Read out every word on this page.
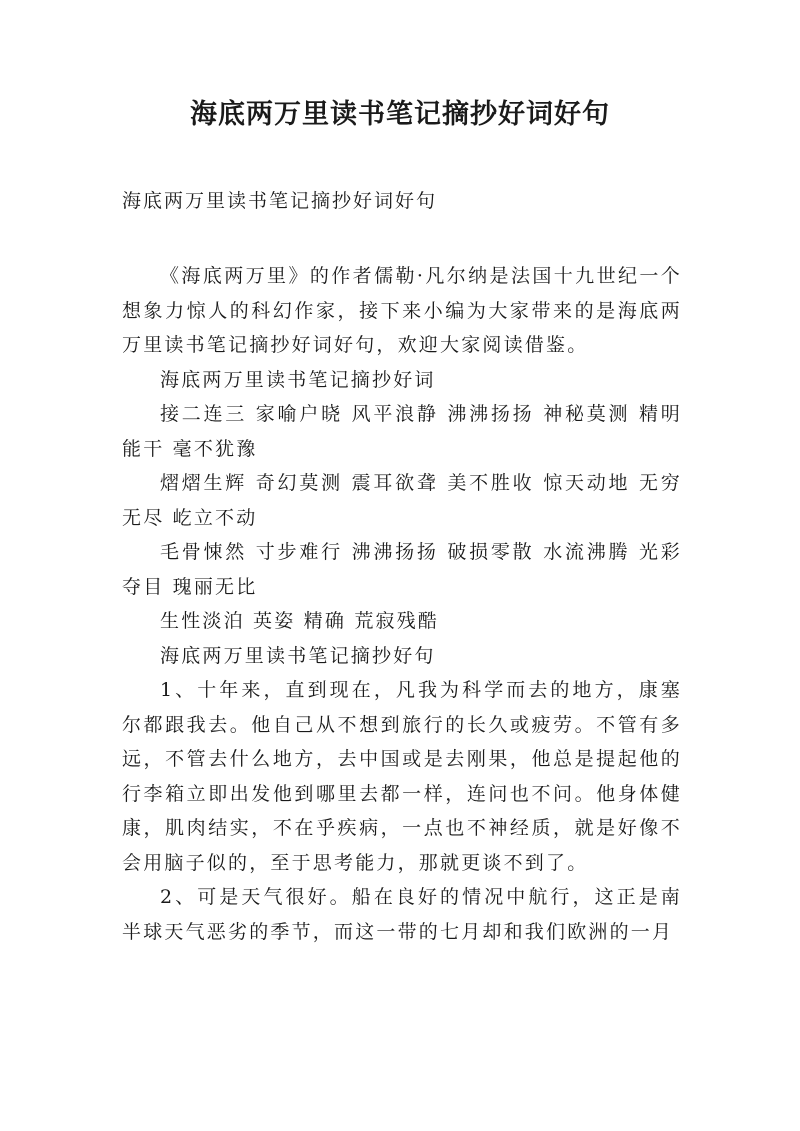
海底两万里读书笔记摘抄好词好句

海底两万里读书笔记摘抄好词好句

《海底两万里》的作者儒勒·凡尔纳是法国十九世纪一个想象力惊人的科幻作家，接下来小编为大家带来的是海底两万里读书笔记摘抄好词好句，欢迎大家阅读借鉴。

海底两万里读书笔记摘抄好词

接二连三 家喻户晓 风平浪静 沸沸扬扬 神秘莫测 精明能干 毫不犹豫

熠熠生辉 奇幻莫测 震耳欲聋 美不胜收 惊天动地 无穷无尽 屹立不动

毛骨悚然 寸步难行 沸沸扬扬 破损零散 水流沸腾 光彩夺目 瑰丽无比

生性淡泊 英姿 精确 荒寂残酷

海底两万里读书笔记摘抄好句

1、十年来，直到现在，凡我为科学而去的地方，康塞尔都跟我去。他自己从不想到旅行的长久或疲劳。不管有多远，不管去什么地方，去中国或是去刚果，他总是提起他的行李箱立即出发他到哪里去都一样，连问也不问。他身体健康，肌肉结实，不在乎疾病，一点也不神经质，就是好像不会用脑子似的，至于思考能力，那就更谈不到了。

2、可是天气很好。船在良好的情况中航行，这正是南半球天气恶劣的季节，而这一带的七月却和我们欧洲的一月
